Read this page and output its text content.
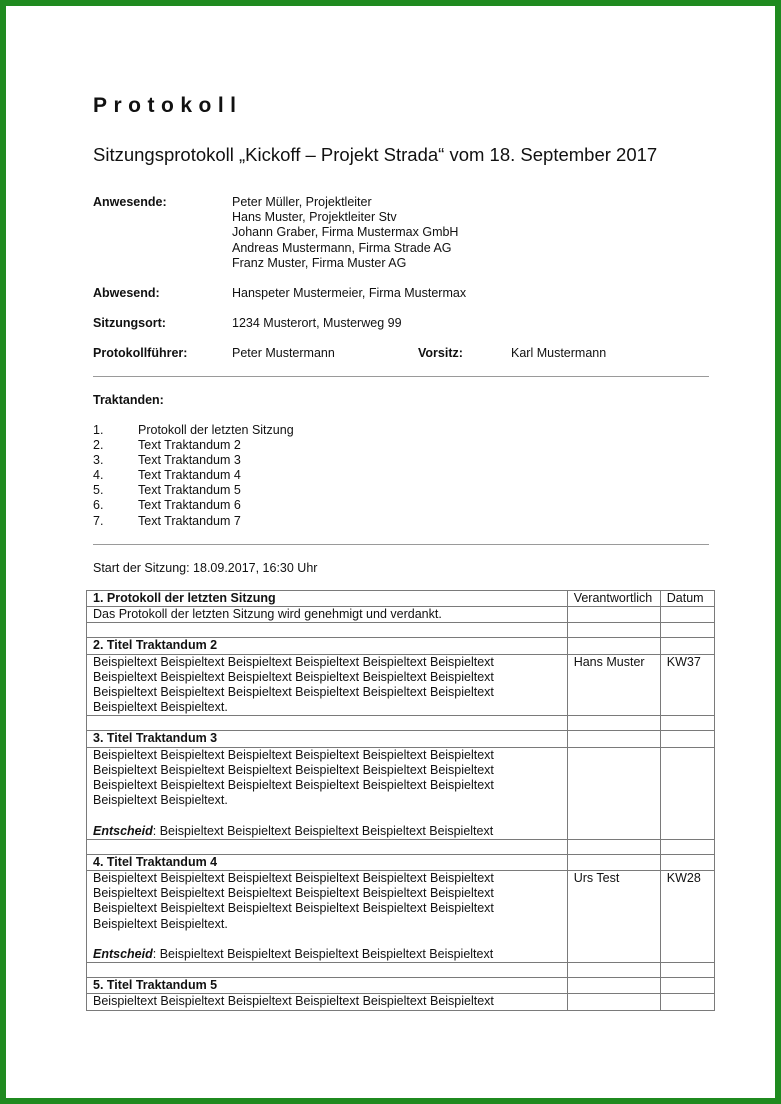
Protokoll
Sitzungsprotokoll „Kickoff – Projekt Strada“ vom 18. September 2017
Anwesende:	Peter Müller, Projektleiter
Hans Muster, Projektleiter Stv
Johann Graber, Firma Mustermax GmbH
Andreas Mustermann, Firma Strade AG
Franz Muster, Firma Muster AG
Abwesend:	Hanspeter Mustermeier, Firma Mustermax
Sitzungsort:	1234 Musterort, Musterweg 99
Protokollführer:	Peter Mustermann	Vorsitz:	Karl Mustermann
Traktanden:
1.	Protokoll der letzten Sitzung
2.	Text Traktandum 2
3.	Text Traktandum 3
4.	Text Traktandum 4
5.	Text Traktandum 5
6.	Text Traktandum 6
7.	Text Traktandum 7
Start der Sitzung: 18.09.2017, 16:30 Uhr
1. Protokoll der letzten Sitzung	Verantwortlich	Datum
Das Protokoll der letzten Sitzung wird genehmigt und verdankt.		

2. Titel Traktandum 2		
Beispieltext Beispieltext Beispieltext Beispieltext Beispieltext Beispieltext
Beispieltext Beispieltext Beispieltext Beispieltext Beispieltext Beispieltext
Beispieltext Beispieltext Beispieltext Beispieltext Beispieltext Beispieltext
Beispieltext Beispieltext.	Hans Muster	KW37

3. Titel Traktandum 3		

Beispieltext Beispieltext Beispieltext Beispieltext Beispieltext Beispieltext
Beispieltext Beispieltext Beispieltext Beispieltext Beispieltext Beispieltext
Beispieltext Beispieltext Beispieltext Beispieltext Beispieltext Beispieltext
Beispieltext Beispieltext.
Entscheid: Beispieltext Beispieltext Beispieltext Beispieltext Beispieltext		

4. Titel Traktandum 4		

Beispieltext Beispieltext Beispieltext Beispieltext Beispieltext Beispieltext
Beispieltext Beispieltext Beispieltext Beispieltext Beispieltext Beispieltext
Beispieltext Beispieltext Beispieltext Beispieltext Beispieltext Beispieltext
Beispieltext Beispieltext.
Entscheid: Beispieltext Beispieltext Beispieltext Beispieltext Beispieltext	Urs Test	KW28

5. Titel Traktandum 5		
Beispieltext Beispieltext Beispieltext Beispieltext Beispieltext Beispieltext		
